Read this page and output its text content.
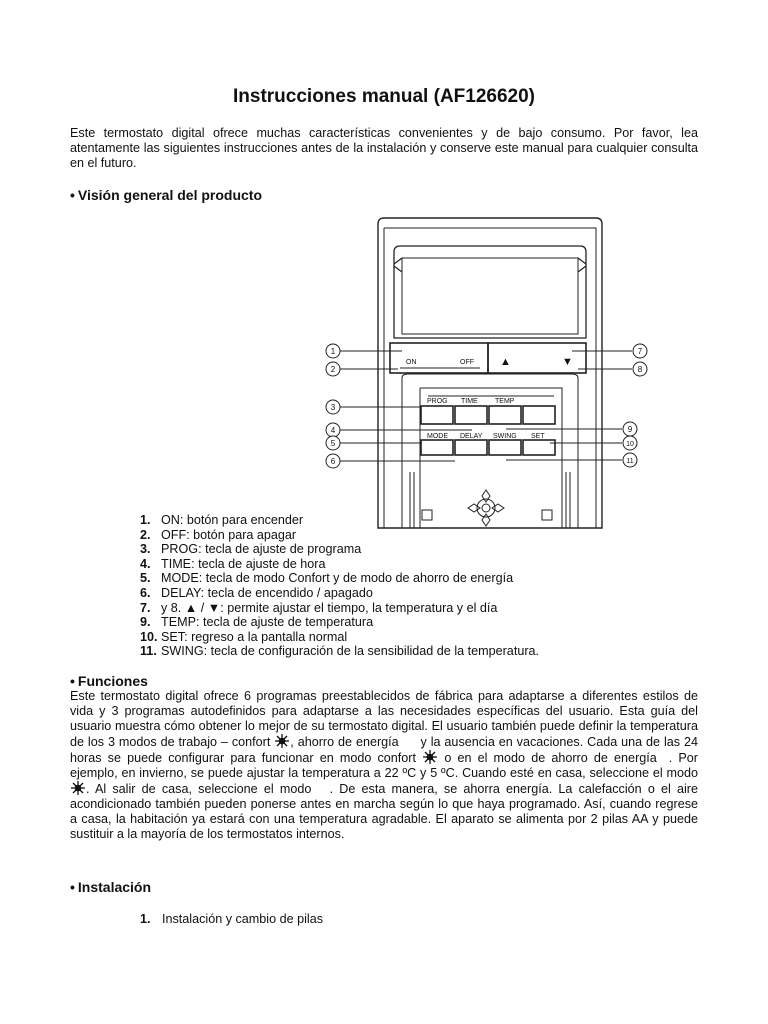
Instrucciones manual (AF126620)
Este termostato digital ofrece muchas características convenientes y de bajo consumo. Por favor, lea atentamente las siguientes instrucciones antes de la instalación y conserve este manual para cualquier consulta en el futuro.
• Visión general del producto
ON	OFF ▲	▼
PROG TIME TEMP
MODE DELAY SWING SET
1
2
3
4
5
6
7
8
9
10
11
1. ON: botón para encender
2. OFF: botón para apagar
3. PROG: tecla de ajuste de programa
4. TIME: tecla de ajuste de hora
5. MODE: tecla de modo Confort y de modo de ahorro de energía
6. DELAY: tecla de encendido / apagado
7. y 8. ▲ / ▼: permite ajustar el tiempo, la temperatura y el día
9. TEMP: tecla de ajuste de temperatura
10. SET: regreso a la pantalla normal
11. SWING: tecla de configuración de la sensibilidad de la temperatura.
• Funciones
Este termostato digital ofrece 6 programas preestablecidos de fábrica para adaptarse a diferentes estilos de vida y 3 programas autodefinidos para adaptarse a las necesidades específicas del usuario. Esta guía del usuario muestra cómo obtener lo mejor de su termostato digital. El usuario también puede definir la temperatura de los 3 modos de trabajo – confort , ahorro de energía y la ausencia en vacaciones. Cada una de las 24 horas se puede configurar para funcionar en modo confort o en el modo de ahorro de energía . Por ejemplo, en invierno, se puede ajustar la temperatura a 22 ºC y 5 ºC. Cuando esté en casa, seleccione el modo. Al salir de casa, seleccione el modo . De esta manera, se ahorra energía. La calefacción o el aire acondicionado también pueden ponerse antes en marcha según lo que haya programado. Así, cuando regrese a casa, la habitación ya estará con una temperatura agradable. El aparato se alimenta por 2 pilas AA y puede sustituir a la mayoría de los termostatos internos.
• Instalación
1. Instalación y cambio de pilas
